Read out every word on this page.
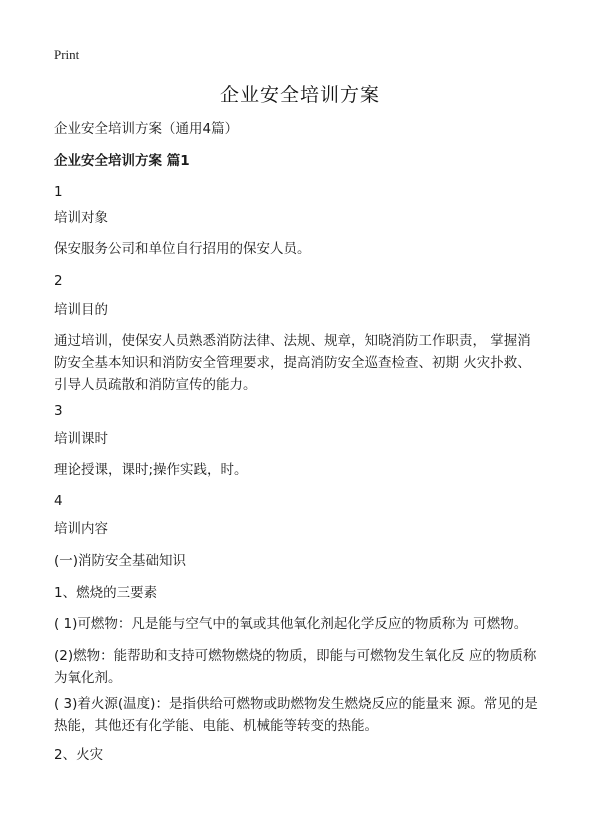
Print
企业安全培训方案
企业安全培训方案（通用4篇）
企业安全培训方案 篇1
1
培训对象
保安服务公司和单位自行招用的保安人员。
2
培训目的
通过培训，使保安人员熟悉消防法律、法规、规章，知晓消防工作职责， 掌握消
防安全基本知识和消防安全管理要求，提高消防安全巡查检查、初期 火灾扑救、
引导人员疏散和消防宣传的能力。
3
培训课时
理论授课，课时;操作实践，时。
4
培训内容
(一)消防安全基础知识
1、燃烧的三要素
( 1)可燃物：凡是能与空气中的氧或其他氧化剂起化学反应的物质称为 可燃物。
(2)燃物：能帮助和支持可燃物燃烧的物质，即能与可燃物发生氧化反 应的物质称
为氧化剂。
( 3)着火源(温度)：是指供给可燃物或助燃物发生燃烧反应的能量来 源。常见的是
热能，其他还有化学能、电能、机械能等转变的热能。
2、火灾
